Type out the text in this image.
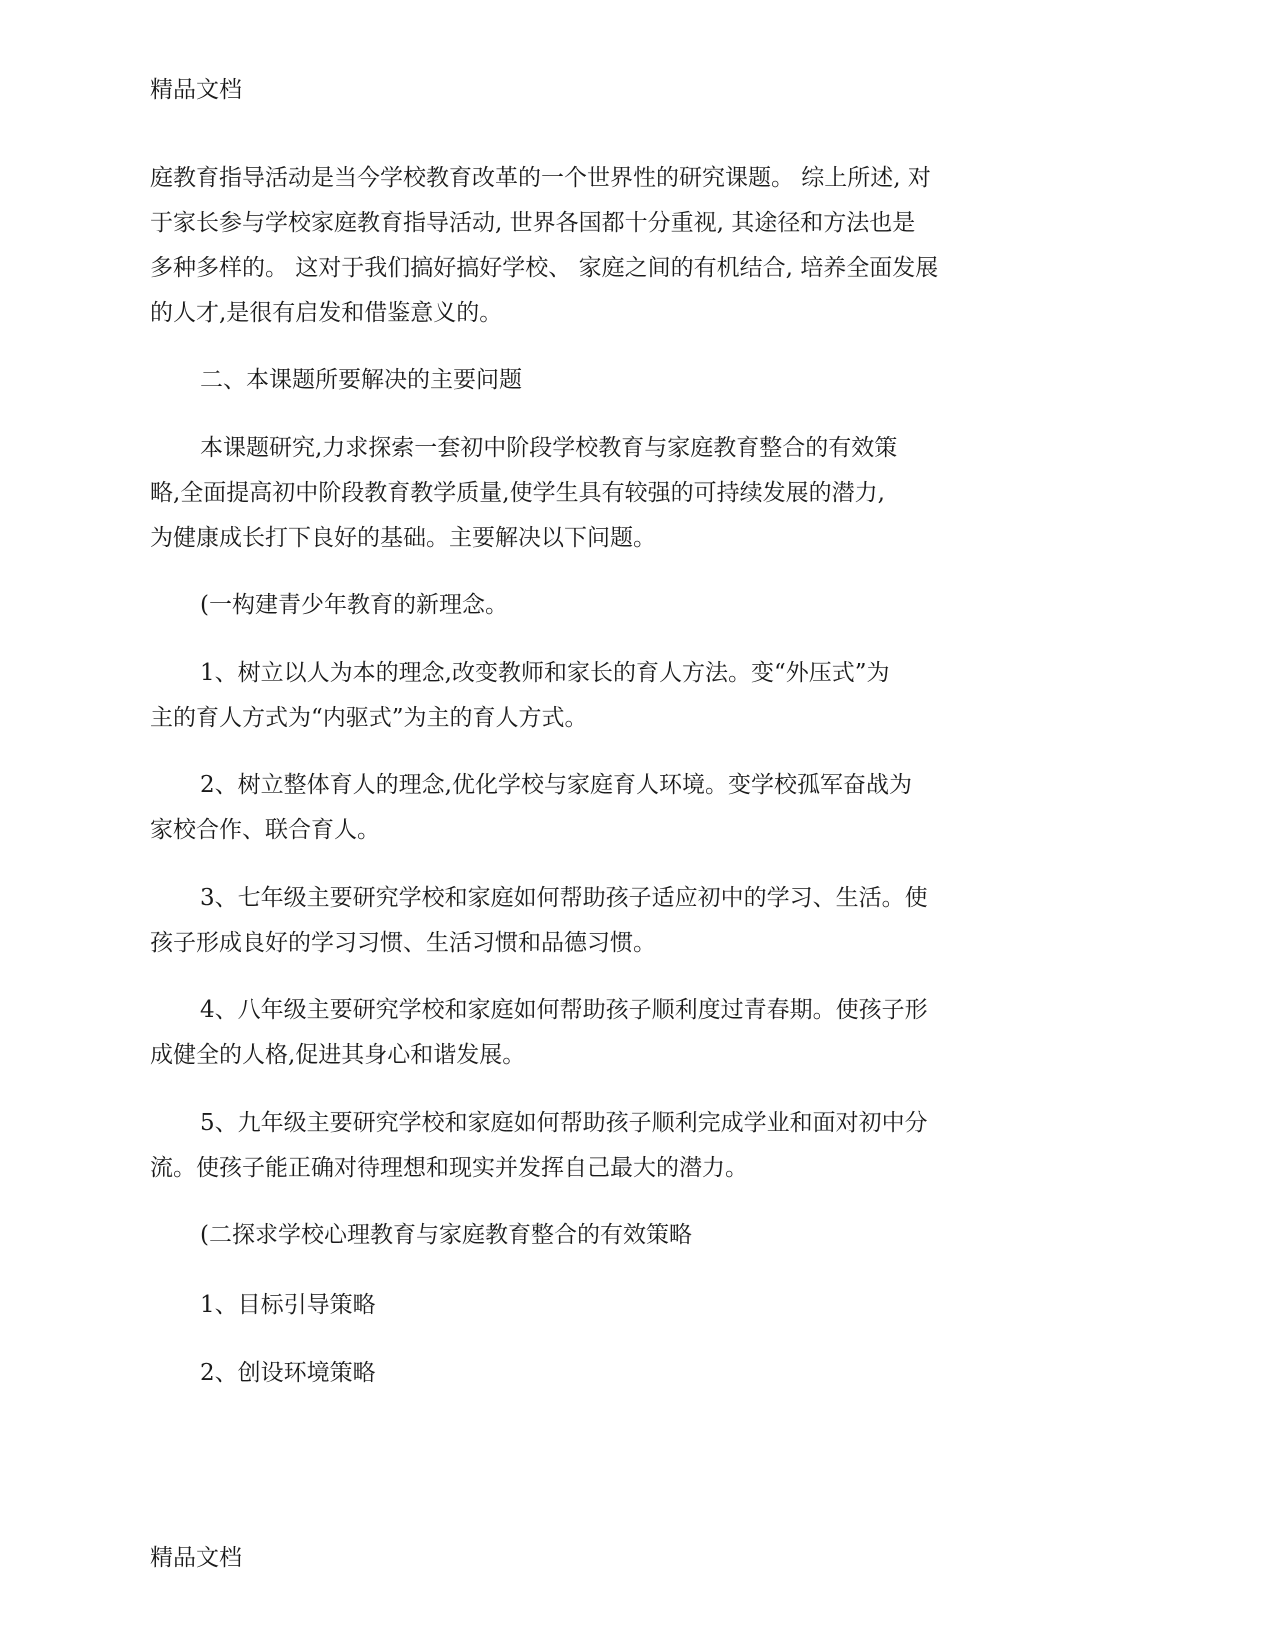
精品文档

庭教育指导活动是当今学校教育改革的一个世界性的研究课题。 综上所述, 对

于家长参与学校家庭教育指导活动, 世界各国都十分重视, 其途径和方法也是

多种多样的。 这对于我们搞好搞好学校、 家庭之间的有机结合, 培养全面发展

的人才,是很有启发和借鉴意义的。

二、本课题所要解决的主要问题

本课题研究,力求探索一套初中阶段学校教育与家庭教育整合的有效策

略,全面提高初中阶段教育教学质量,使学生具有较强的可持续发展的潜力,

为健康成长打下良好的基础。主要解决以下问题。

(一构建青少年教育的新理念。

1、树立以人为本的理念,改变教师和家长的育人方法。变“外压式”为

主的育人方式为“内驱式”为主的育人方式。

2、树立整体育人的理念,优化学校与家庭育人环境。变学校孤军奋战为

家校合作、联合育人。

3、七年级主要研究学校和家庭如何帮助孩子适应初中的学习、生活。使

孩子形成良好的学习习惯、生活习惯和品德习惯。

4、八年级主要研究学校和家庭如何帮助孩子顺利度过青春期。使孩子形

成健全的人格,促进其身心和谐发展。

5、九年级主要研究学校和家庭如何帮助孩子顺利完成学业和面对初中分

流。使孩子能正确对待理想和现实并发挥自己最大的潜力。

(二探求学校心理教育与家庭教育整合的有效策略

1、目标引导策略

2、创设环境策略

精品文档
